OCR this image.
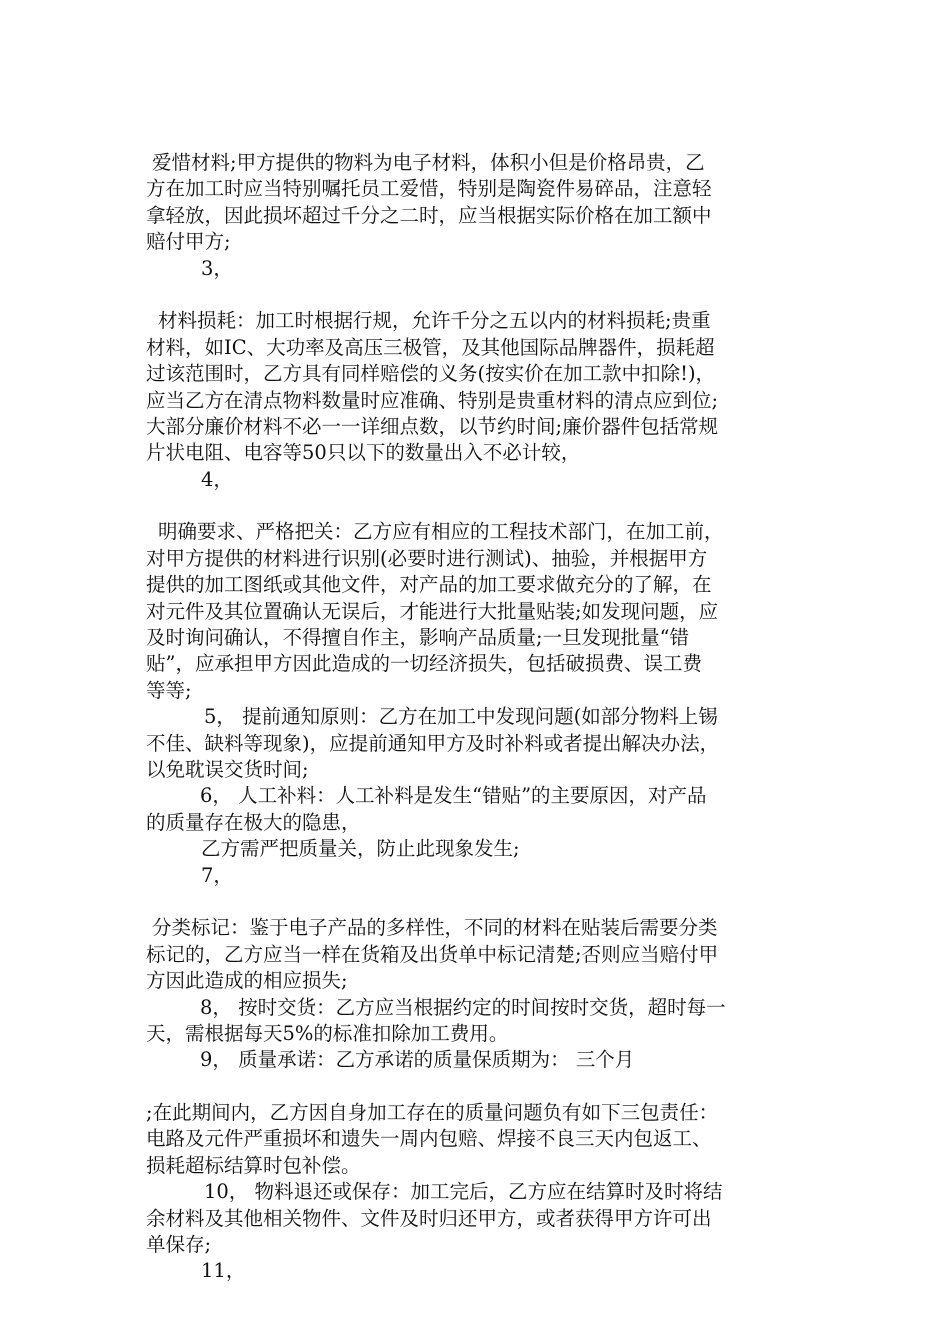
爱惜材料;甲方提供的物料为电子材料，体积小但是价格昂贵，乙
方在加工时应当特别嘱托员工爱惜，特别是陶瓷件易碎品，注意轻
拿轻放，因此损坏超过千分之二时，应当根据实际价格在加工额中
赔付甲方;
3，
材料损耗：加工时根据行规，允许千分之五以内的材料损耗;贵重
材料，如IC、大功率及高压三极管，及其他国际品牌器件，损耗超
过该范围时，乙方具有同样赔偿的义务(按实价在加工款中扣除!)，
应当乙方在清点物料数量时应准确、特别是贵重材料的清点应到位;
大部分廉价材料不必一一详细点数，以节约时间;廉价器件包括常规
片状电阻、电容等50只以下的数量出入不必计较，
4，
明确要求、严格把关：乙方应有相应的工程技术部门，在加工前，
对甲方提供的材料进行识别(必要时进行测试)、抽验，并根据甲方
提供的加工图纸或其他文件，对产品的加工要求做充分的了解，在
对元件及其位置确认无误后，才能进行大批量贴装;如发现问题，应
及时询问确认，不得擅自作主，影响产品质量;一旦发现批量“错
贴”，应承担甲方因此造成的一切经济损失，包括破损费、误工费
等等;
5， 提前通知原则：乙方在加工中发现问题(如部分物料上锡
不佳、缺料等现象)，应提前通知甲方及时补料或者提出解决办法，
以免耽误交货时间;
6， 人工补料：人工补料是发生“错贴”的主要原因，对产品
的质量存在极大的隐患，
乙方需严把质量关，防止此现象发生;
7，
分类标记：鉴于电子产品的多样性，不同的材料在贴装后需要分类
标记的，乙方应当一样在货箱及出货单中标记清楚;否则应当赔付甲
方因此造成的相应损失;
8， 按时交货：乙方应当根据约定的时间按时交货，超时每一
天，需根据每天5%的标准扣除加工费用。
9， 质量承诺：乙方承诺的质量保质期为： 三个月
;在此期间内，乙方因自身加工存在的质量问题负有如下三包责任：
电路及元件严重损坏和遗失一周内包赔、焊接不良三天内包返工、
损耗超标结算时包补偿。
10， 物料退还或保存：加工完后，乙方应在结算时及时将结
余材料及其他相关物件、文件及时归还甲方，或者获得甲方许可出
单保存;
11，
